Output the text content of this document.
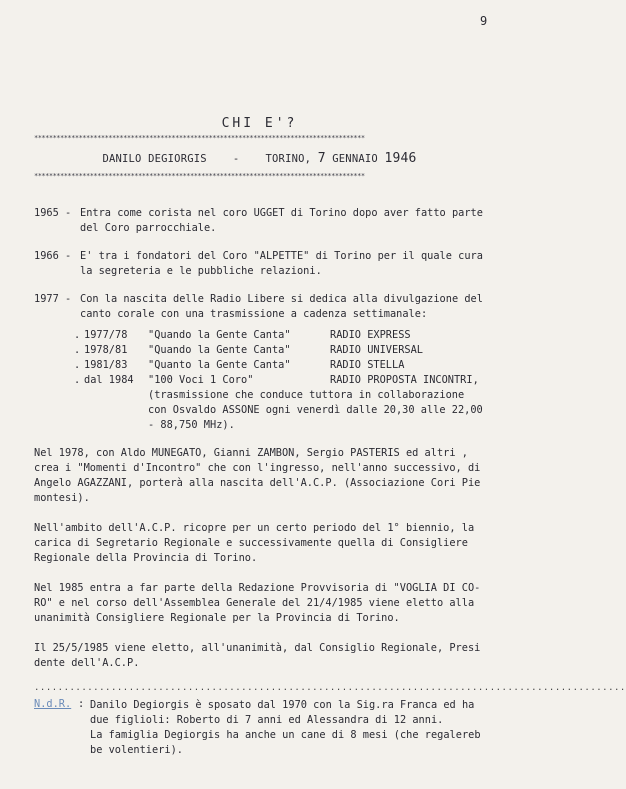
9
CHI E'?
*****************************************************************************************
DANILO DEGIORGIS - TORINO, 7 GENNAIO 1946
*****************************************************************************************
1965 - Entra come corista nel coro UGGET di Torino dopo aver fatto parte
del Coro parrocchiale.
1966 - E' tra i fondatori del Coro "ALPETTE" di Torino per il quale cura
la segreteria e le pubbliche relazioni.
1977 - Con la nascita delle Radio Libere si dedica alla divulgazione del
canto corale con una trasmissione a cadenza settimanale:
. 1977/78 "Quando la Gente Canta"	RADIO EXPRESS
. 1978/81 "Quando la Gente Canta"	RADIO UNIVERSAL
. 1981/83 "Quanto la Gente Canta"	RADIO STELLA
. dal 1984 "100 Voci 1 Coro"	RADIO PROPOSTA INCONTRI,
(trasmissione che conduce tuttora in collaborazione
con Osvaldo ASSONE ogni venerdì dalle 20,30 alle 22,00
- 88,750 MHz).
Nel 1978, con Aldo MUNEGATO, Gianni ZAMBON, Sergio PASTERIS ed altri ,
crea i "Momenti d'Incontro" che con l'ingresso, nell'anno successivo, di
Angelo AGAZZANI, porterà alla nascita dell'A.C.P. (Associazione Cori Pie
montesi).
Nell'ambito dell'A.C.P. ricopre per un certo periodo del 1° biennio, la
carica di Segretario Regionale e successivamente quella di Consigliere
Regionale della Provincia di Torino.
Nel 1985 entra a far parte della Redazione Provvisoria di "VOGLIA DI CO-
RO" e nel corso dell'Assemblea Generale del 21/4/1985 viene eletto alla
unanimità Consigliere Regionale per la Provincia di Torino.
Il 25/5/1985 viene eletto, all'unanimità, dal Consiglio Regionale, Presi
dente dell'A.C.P.
....................................................................................................
N.d.R. : Danilo Degiorgis è sposato dal 1970 con la Sig.ra Franca ed ha
due figlioli: Roberto di 7 anni ed Alessandra di 12 anni.
La famiglia Degiorgis ha anche un cane di 8 mesi (che regalereb
be volentieri).
